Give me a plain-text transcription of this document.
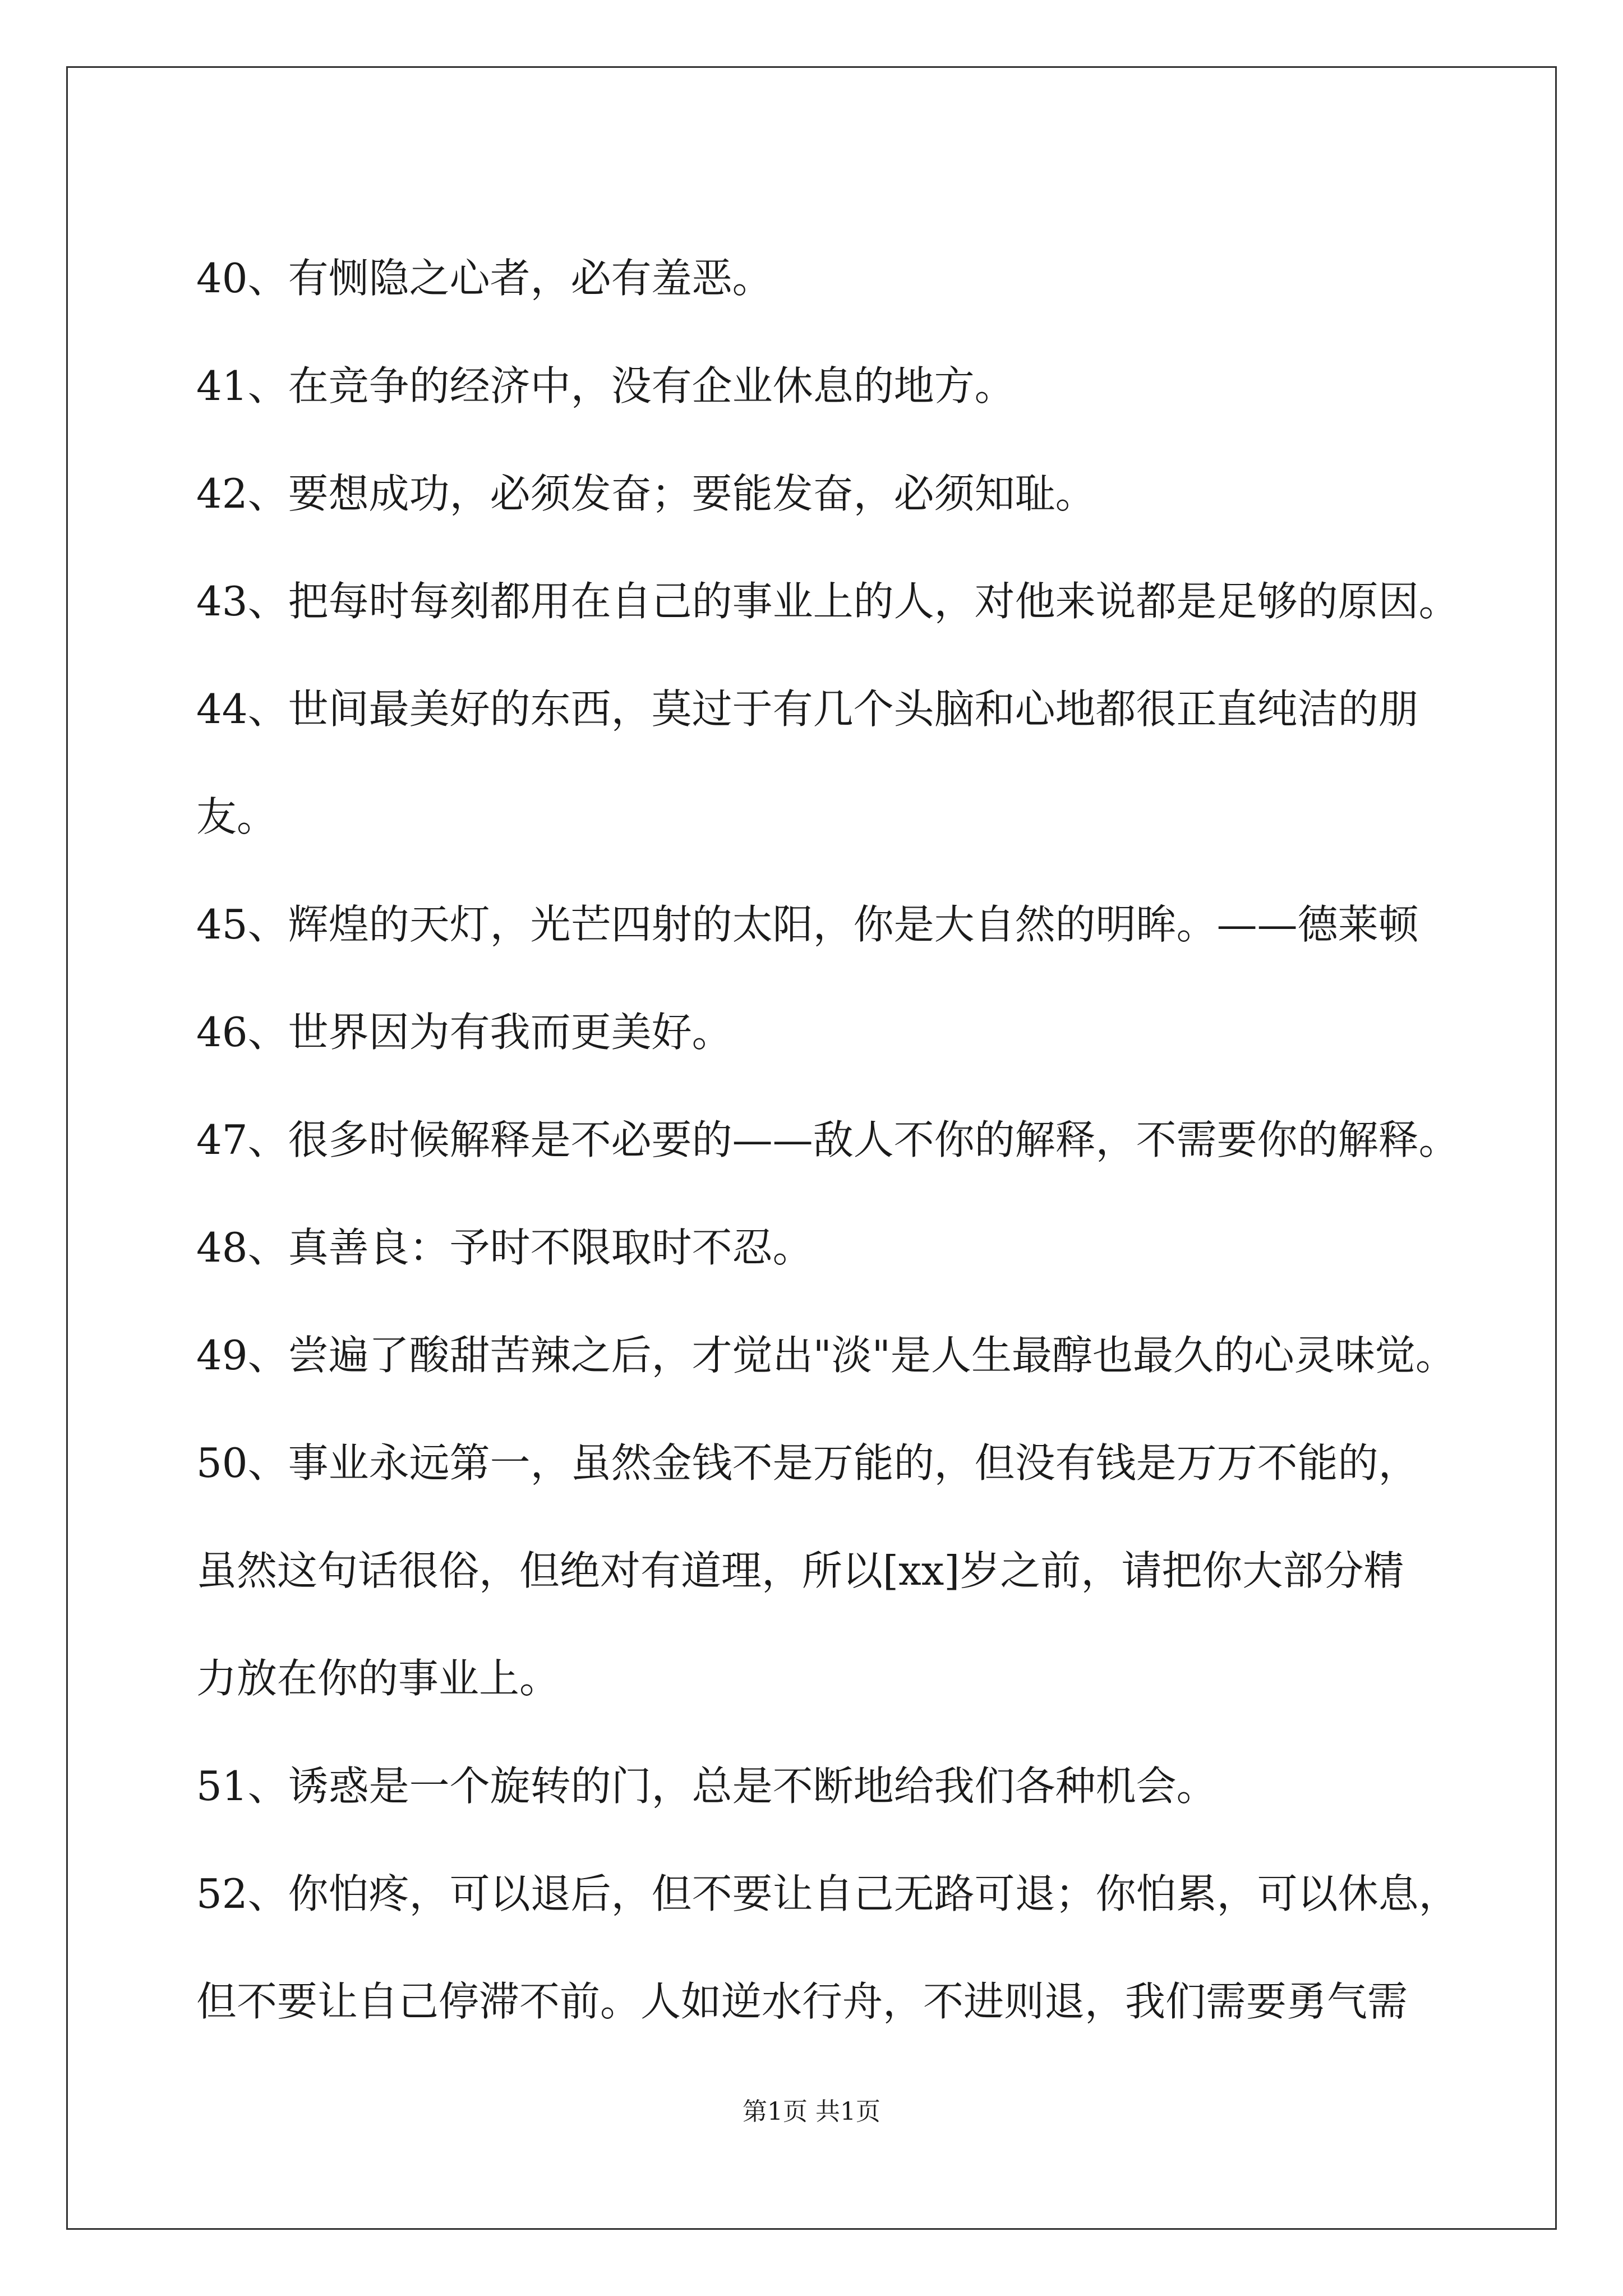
40、有恻隐之心者，必有羞恶。
41、在竞争的经济中，没有企业休息的地方。
42、要想成功，必须发奋；要能发奋，必须知耻。
43、把每时每刻都用在自己的事业上的人，对他来说都是足够的原因。
44、世间最美好的东西，莫过于有几个头脑和心地都很正直纯洁的朋
友。
45、辉煌的天灯，光芒四射的太阳，你是大自然的明眸。——德莱顿
46、世界因为有我而更美好。
47、很多时候解释是不必要的——敌人不你的解释，不需要你的解释。
48、真善良：予时不限取时不忍。
49、尝遍了酸甜苦辣之后，才觉出"淡"是人生最醇也最久的心灵味觉。
50、事业永远第一，虽然金钱不是万能的，但没有钱是万万不能的，
虽然这句话很俗，但绝对有道理，所以[xx]岁之前，请把你大部分精
力放在你的事业上。
51、诱惑是一个旋转的门，总是不断地给我们各种机会。
52、你怕疼，可以退后，但不要让自己无路可退；你怕累，可以休息，
但不要让自己停滞不前。人如逆水行舟，不进则退，我们需要勇气需
第1页 共1页
